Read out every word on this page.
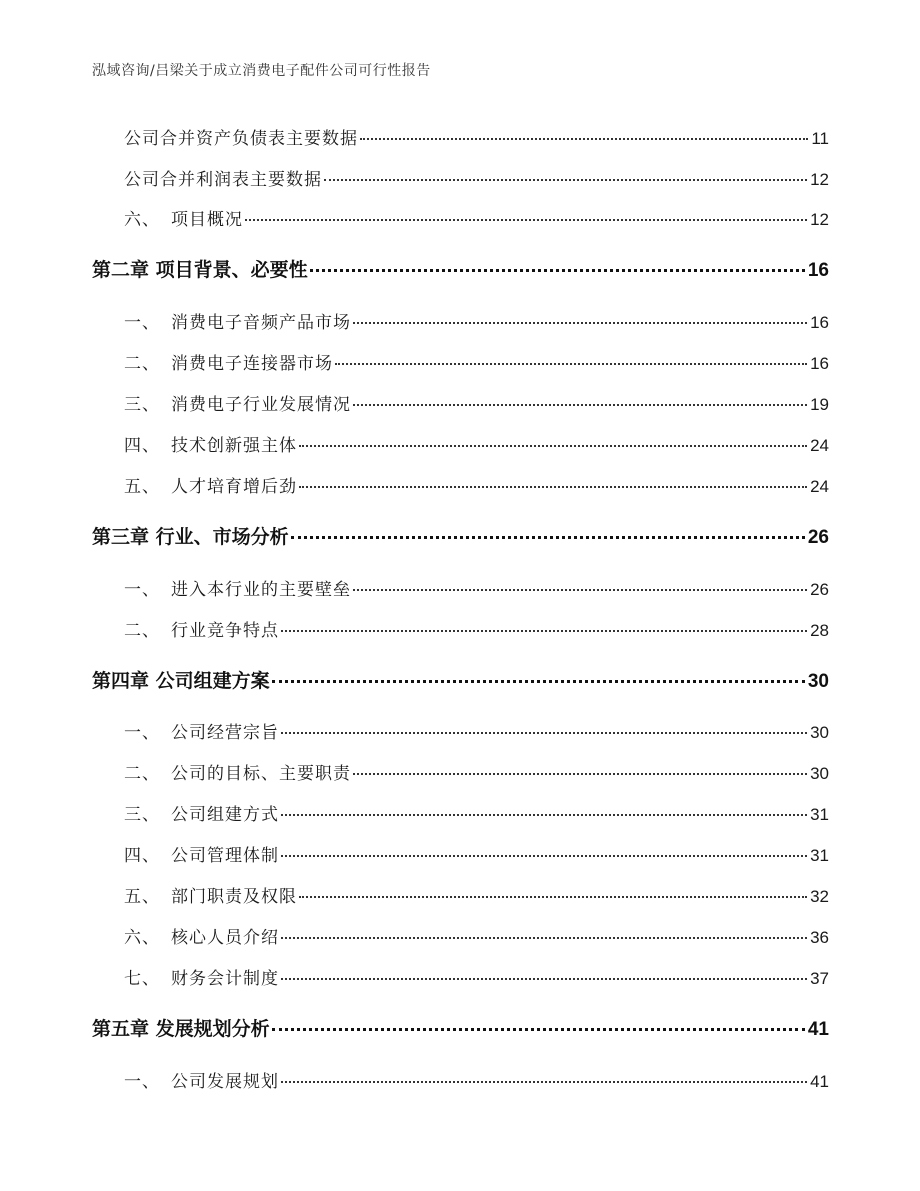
泓域咨询/吕梁关于成立消费电子配件公司可行性报告
公司合并资产负债表主要数据	11
公司合并利润表主要数据	12
六、 项目概况	12
第二章 项目背景、必要性	16
一、 消费电子音频产品市场	16
二、 消费电子连接器市场	16
三、 消费电子行业发展情况	19
四、 技术创新强主体	24
五、 人才培育增后劲	24
第三章 行业、市场分析	26
一、 进入本行业的主要壁垒	26
二、 行业竞争特点	28
第四章 公司组建方案	30
一、 公司经营宗旨	30
二、 公司的目标、主要职责	30
三、 公司组建方式	31
四、 公司管理体制	31
五、 部门职责及权限	32
六、 核心人员介绍	36
七、 财务会计制度	37
第五章 发展规划分析	41
一、 公司发展规划	41
